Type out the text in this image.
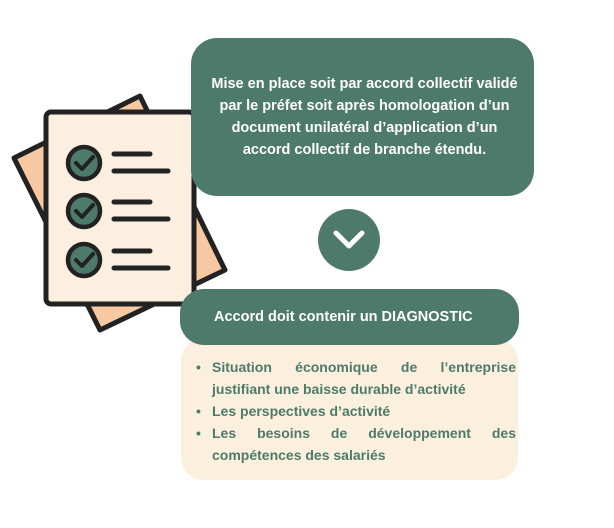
Mise en place soit par accord collectif validé par le préfet soit après homologation d’un document unilatéral d’application d’un accord collectif de branche étendu.

Accord doit contenir un DIAGNOSTIC
• Situation économique de l’entreprise justifiant une baisse durable d’activité
• Les perspectives d’activité
• Les besoins de développement des compétences des salariés
